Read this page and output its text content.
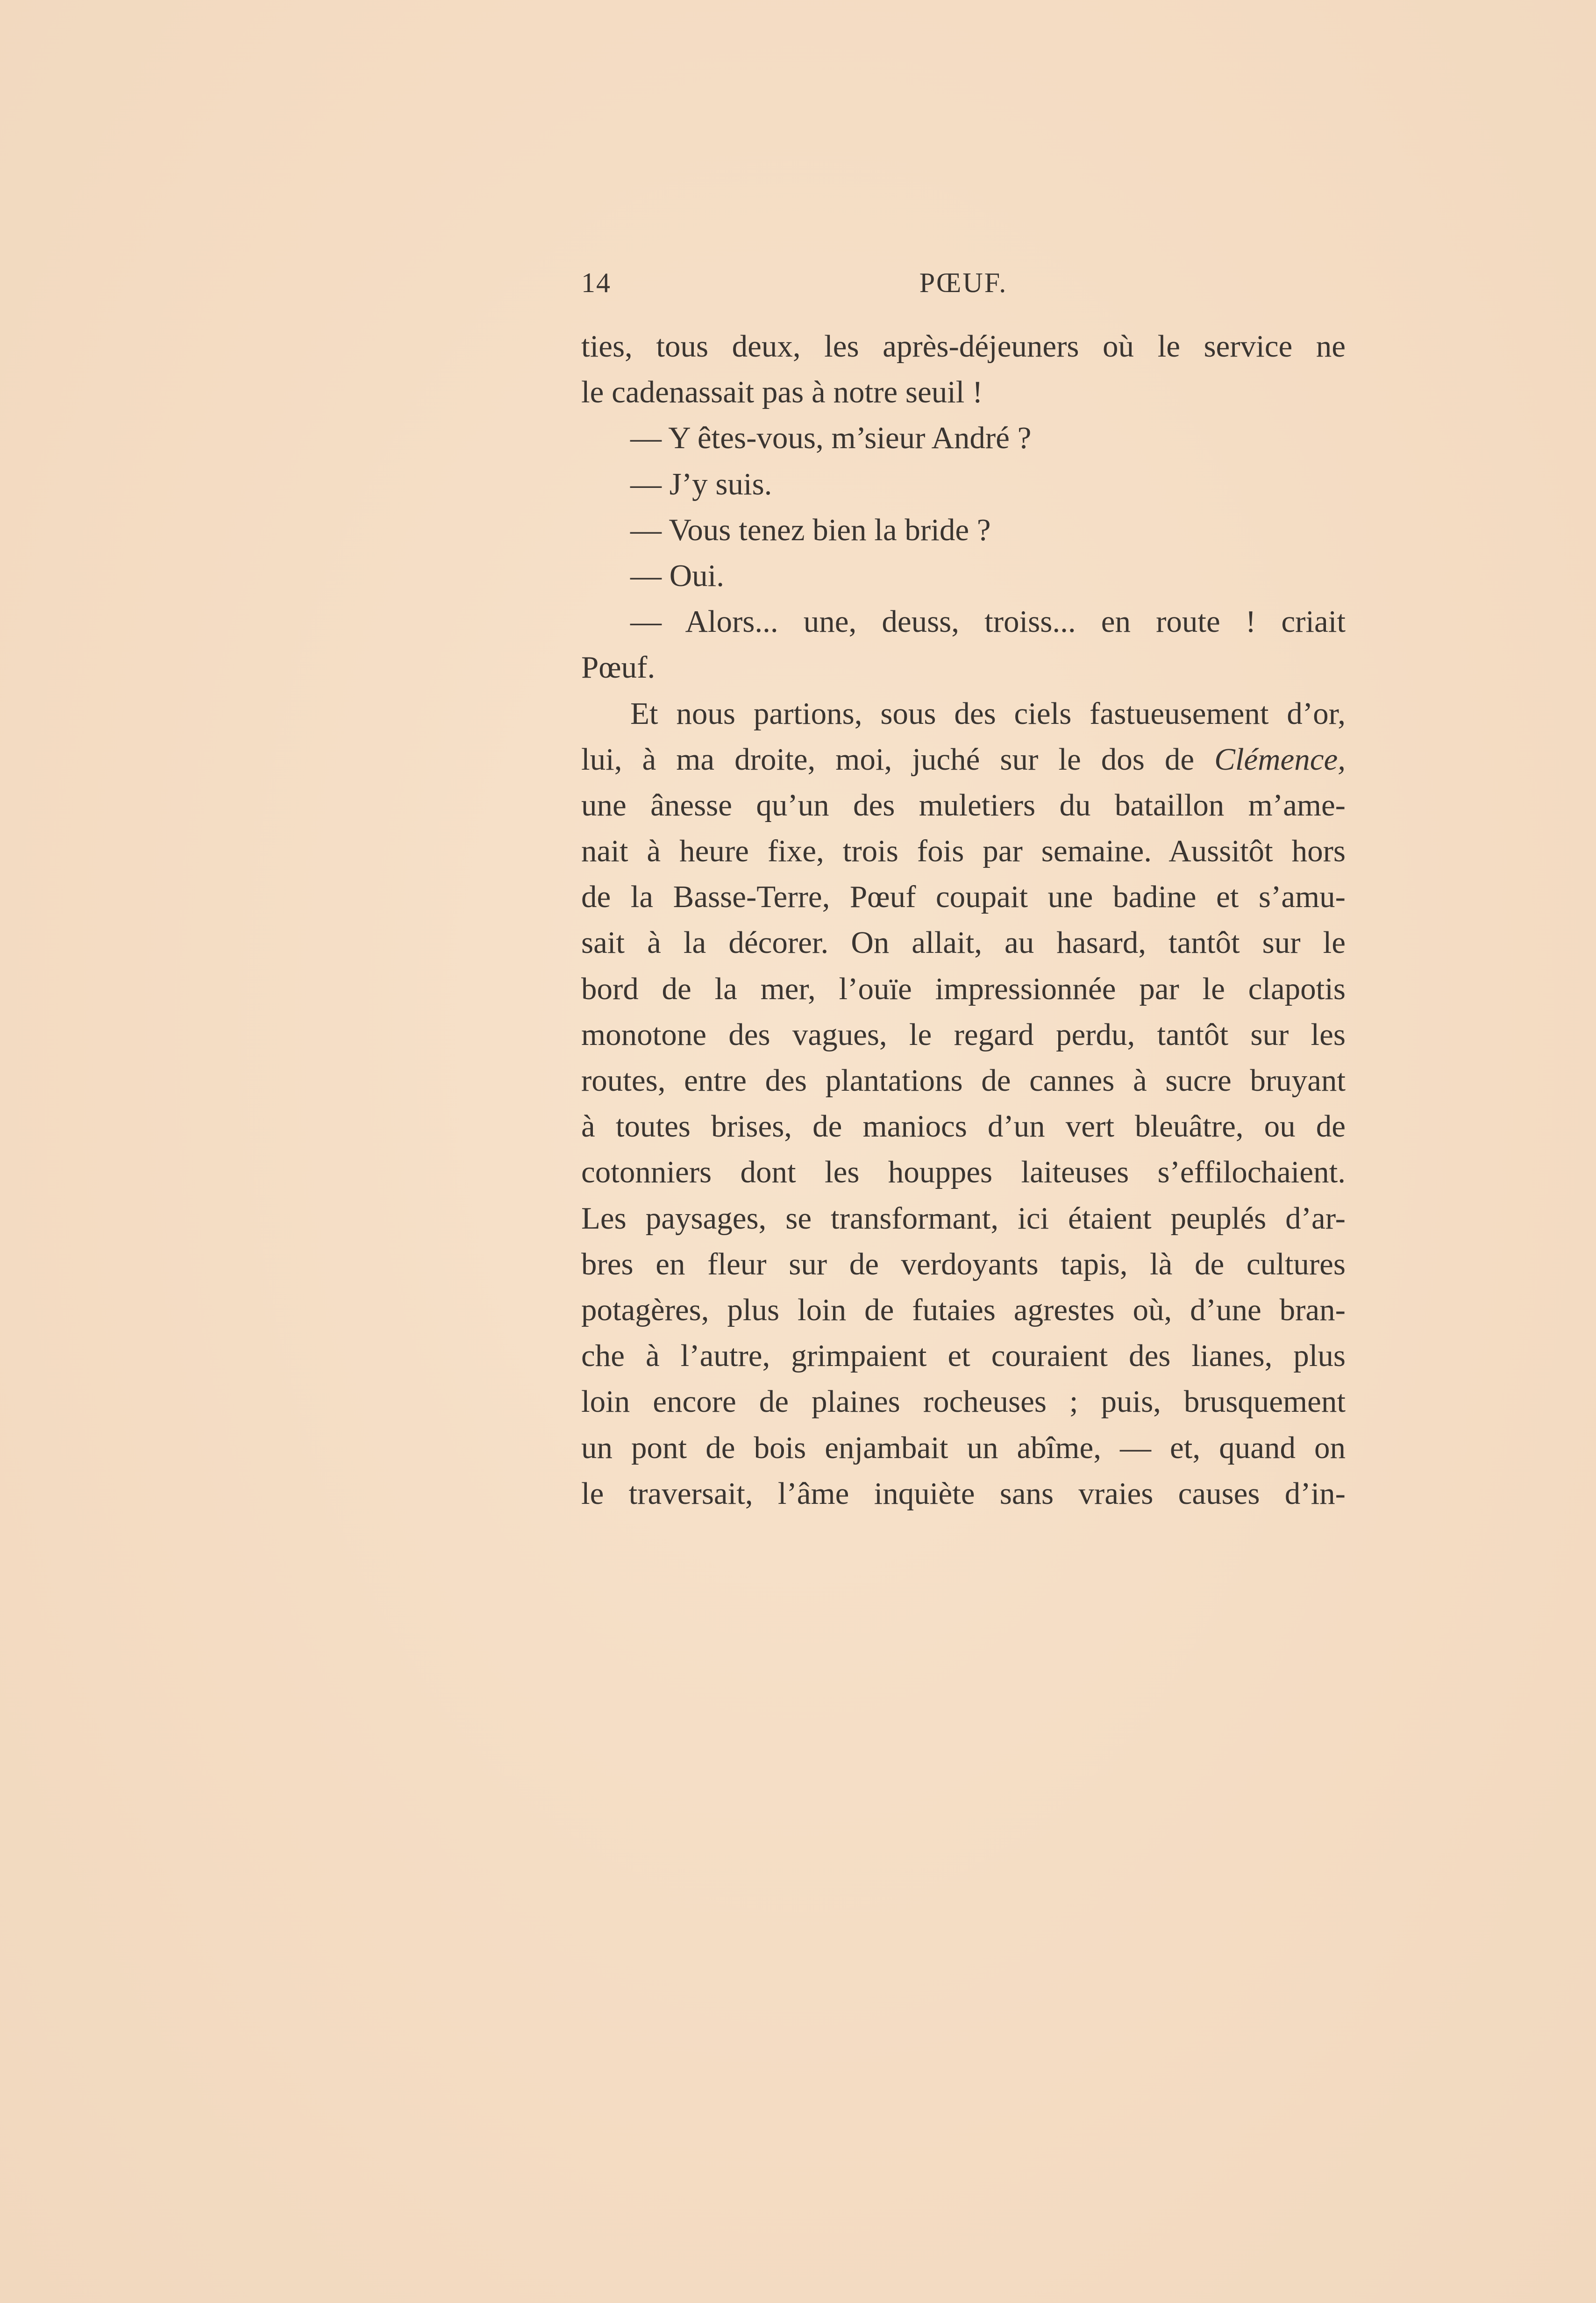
14	PŒUF.
ties, tous deux, les après-déjeuners où le service ne
le cadenassait pas à notre seuil !
— Y êtes-vous, m’sieur André ?
— J’y suis.
— Vous tenez bien la bride ?
— Oui.
— Alors... une, deuss, troiss... en route ! criait
Pœuf.
Et nous partions, sous des ciels fastueusement d’or,
lui, à ma droite, moi, juché sur le dos de Clémence,
une ânesse qu’un des muletiers du bataillon m’ame-
nait à heure fixe, trois fois par semaine. Aussitôt hors
de la Basse-Terre, Pœuf coupait une badine et s’amu-
sait à la décorer. On allait, au hasard, tantôt sur le
bord de la mer, l’ouïe impressionnée par le clapotis
monotone des vagues, le regard perdu, tantôt sur les
routes, entre des plantations de cannes à sucre bruyant
à toutes brises, de maniocs d’un vert bleuâtre, ou de
cotonniers dont les houppes laiteuses s’effilochaient.
Les paysages, se transformant, ici étaient peuplés d’ar-
bres en fleur sur de verdoyants tapis, là de cultures
potagères, plus loin de futaies agrestes où, d’une bran-
che à l’autre, grimpaient et couraient des lianes, plus
loin encore de plaines rocheuses ; puis, brusquement
un pont de bois enjambait un abîme, — et, quand on
le traversait, l’âme inquiète sans vraies causes d’in-
